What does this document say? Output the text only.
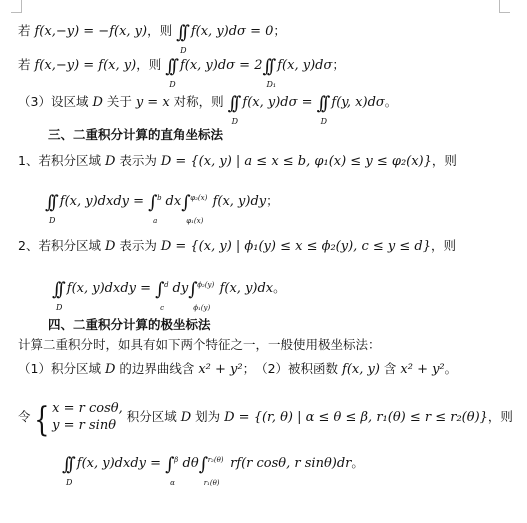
若 f(x,−y) = −f(x, y)，则 ∫∫
D
f(x, y)dσ = 0；
若 f(x,−y) = f(x, y)，则 ∫∫
D
f(x, y)dσ = 2∫∫
D₁
f(x, y)dσ；
（3）设区域 D 关于 y = x 对称，则 ∫∫
D
f(x, y)dσ = ∫∫
D
f(y, x)dσ。
三、二重积分计算的直角坐标法
1、若积分区域 D 表示为 D = {(x, y) | a ≤ x ≤ b, φ₁(x) ≤ y ≤ φ₂(x)}，则
∫∫
D
f(x, y)dxdy = ∫ b
a
dx∫ φ₂(x)
φ₁(x)
f(x, y)dy；
2、若积分区域 D 表示为 D = {(x, y) | ϕ₁(y) ≤ x ≤ ϕ₂(y), c ≤ y ≤ d}，则
∫∫
D
f(x, y)dxdy = ∫ d
c
dy∫ ϕ₂(y)
ϕ₁(y)
f(x, y)dx。
四、二重积分计算的极坐标法
计算二重积分时，如具有如下两个特征之一，一般使用极坐标法：
（1）积分区域 D 的边界曲线含 x² + y²；　（2）被积函数 f(x, y) 含 x² + y²。
令{ x = r cosθ,
y = r sinθ
积分区域 D 划为 D = {(r, θ) | α ≤ θ ≤ β, r₁(θ) ≤ r ≤ r₂(θ)}，则
∫∫
D
f(x, y)dxdy = ∫ β
α
dθ∫ r₂(θ)
r₁(θ)
rf(r cosθ, r sinθ)dr。
